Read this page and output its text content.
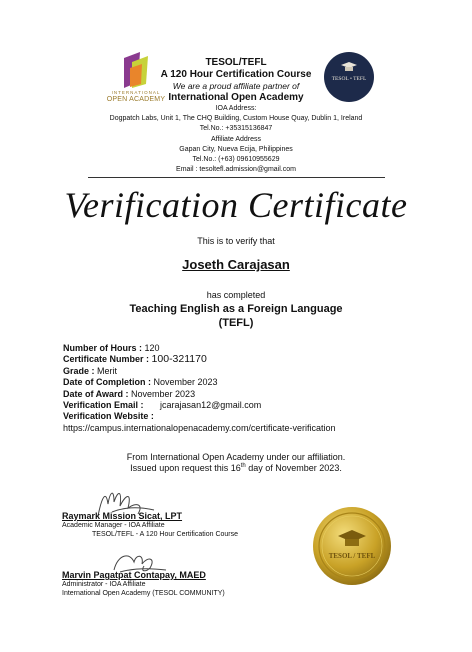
INTERNATIONAL
OPEN ACADEMY
TESOL • TEFL
TESOL/TEFL
A 120 Hour Certification Course
We are a proud affiliate partner of
International Open Academy
IOA Address:
Dogpatch Labs, Unit 1, The CHQ Building, Custom House Quay, Dublin 1, Ireland
Tel.No.: +35315136847
Affiliate Address
Gapan City, Nueva Ecija, Philippines
Tel.No.: (+63) 09610955629
Email : tesoltefl.admission@gmail.com
Verification Certificate
This is to verify that
Joseth Carajasan
has completed
Teaching English as a Foreign Language
(TEFL)
Number of Hours : 120
Certificate Number : 100-321170
Grade : Merit
Date of Completion : November 2023
Date of Award : November 2023
Verification Email : jcarajasan12@gmail.com
Verification Website :
https://campus.internationalopenacademy.com/certificate-verification
From International Open Academy under our affiliation.
Issued upon request this 16th day of November 2023.
Raymark Mission Sicat, LPT
Academic Manager - IOA Affiliate
TESOL/TEFL - A 120 Hour Certification Course
Marvin Pagatpat Contapay, MAED
Administrator - IOA Affiliate
International Open Academy (TESOL COMMUNITY)
TESOL / TEFL
